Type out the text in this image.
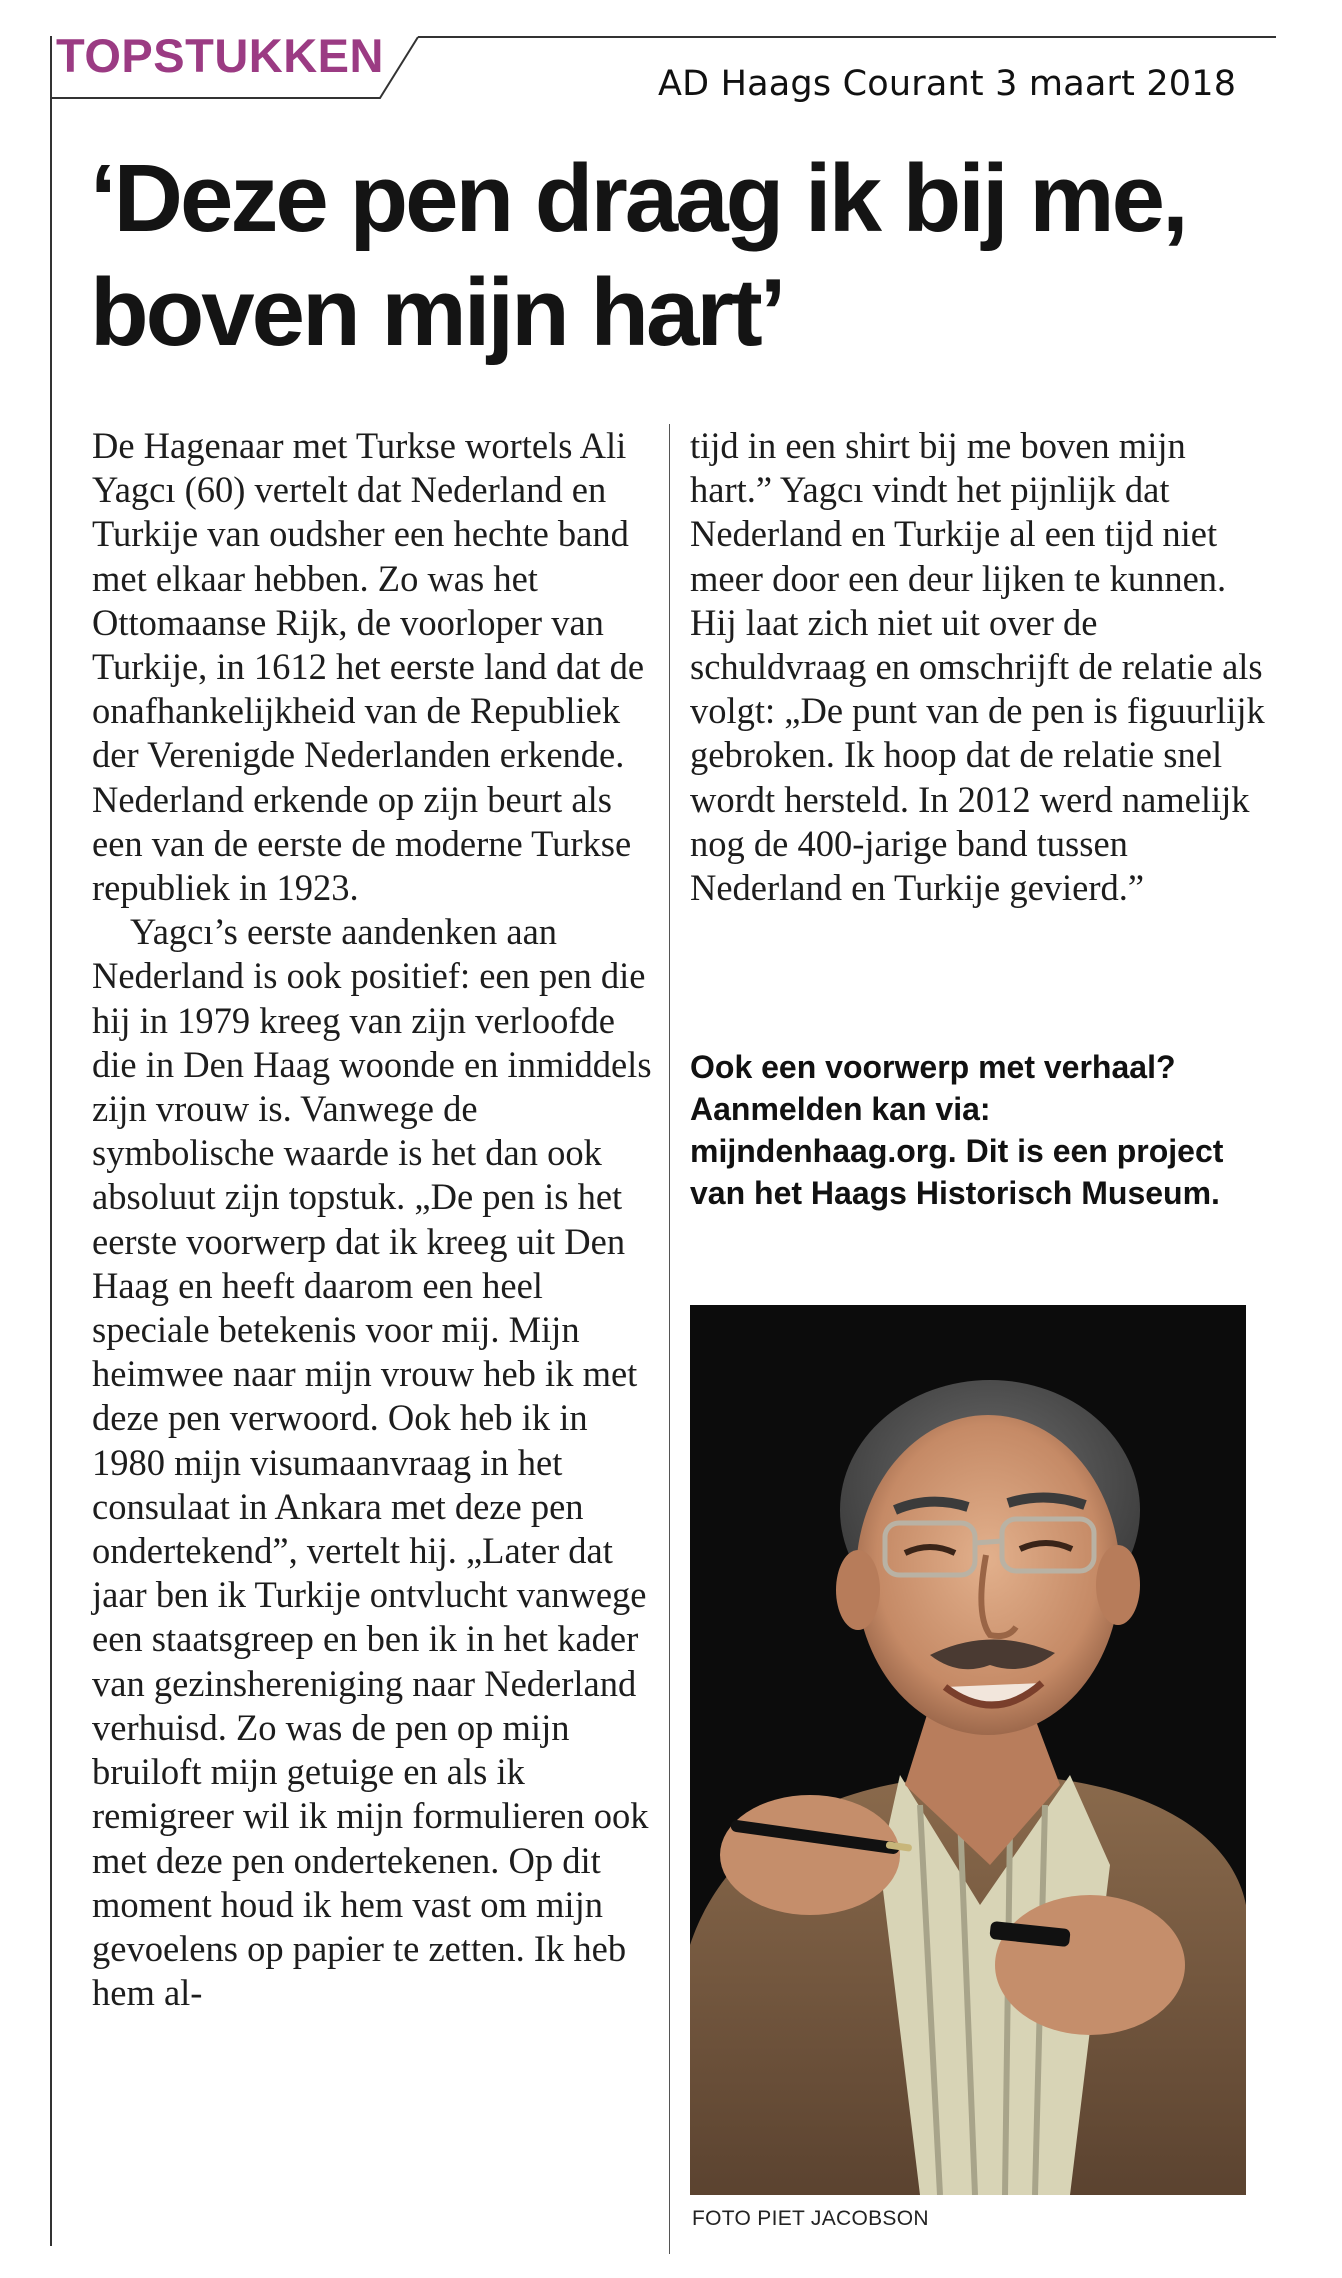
TOPSTUKKEN
AD Haags Courant 3 maart 2018
‘Deze pen draag ik bij me, boven mijn hart’

De Hagenaar met Turkse wortels Ali Yagcı (60) vertelt dat Nederland en Turkije van oudsher een hechte band met elkaar hebben. Zo was het Ottomaanse Rijk, de voorloper van Turkije, in 1612 het eerste land dat de onafhankelijkheid van de Republiek der Verenigde Nederlanden erkende. Nederland erkende op zijn beurt als een van de eerste de moderne Turkse republiek in 1923.

Yagcı’s eerste aandenken aan Nederland is ook positief: een pen die hij in 1979 kreeg van zijn verloofde die in Den Haag woonde en inmiddels zijn vrouw is. Vanwege de symbolische waarde is het dan ook absoluut zijn topstuk. „De pen is het eerste voorwerp dat ik kreeg uit Den Haag en heeft daarom een heel speciale betekenis voor mij. Mijn heimwee naar mijn vrouw heb ik met deze pen verwoord. Ook heb ik in 1980 mijn visumaanvraag in het consulaat in Ankara met deze pen ondertekend”, vertelt hij. „Later dat jaar ben ik Turkije ontvlucht vanwege een staatsgreep en ben ik in het kader van gezinshereniging naar Nederland verhuisd. Zo was de pen op mijn bruiloft mijn getuige en als ik remigreer wil ik mijn formulieren ook met deze pen ondertekenen. Op dit moment houd ik hem vast om mijn gevoelens op papier te zetten. Ik heb hem al-

tijd in een shirt bij me boven mijn hart.” Yagcı vindt het pijnlijk dat Nederland en Turkije al een tijd niet meer door een deur lijken te kunnen. Hij laat zich niet uit over de schuldvraag en omschrijft de relatie als volgt: „De punt van de pen is figuurlijk gebroken. Ik hoop dat de relatie snel wordt hersteld. In 2012 werd namelijk nog de 400-jarige band tussen Nederland en Turkije gevierd.”

Ook een voorwerp met verhaal? Aanmelden kan via: mijndenhaag.org. Dit is een project van het Haags Historisch Museum.
FOTO PIET JACOBSON
